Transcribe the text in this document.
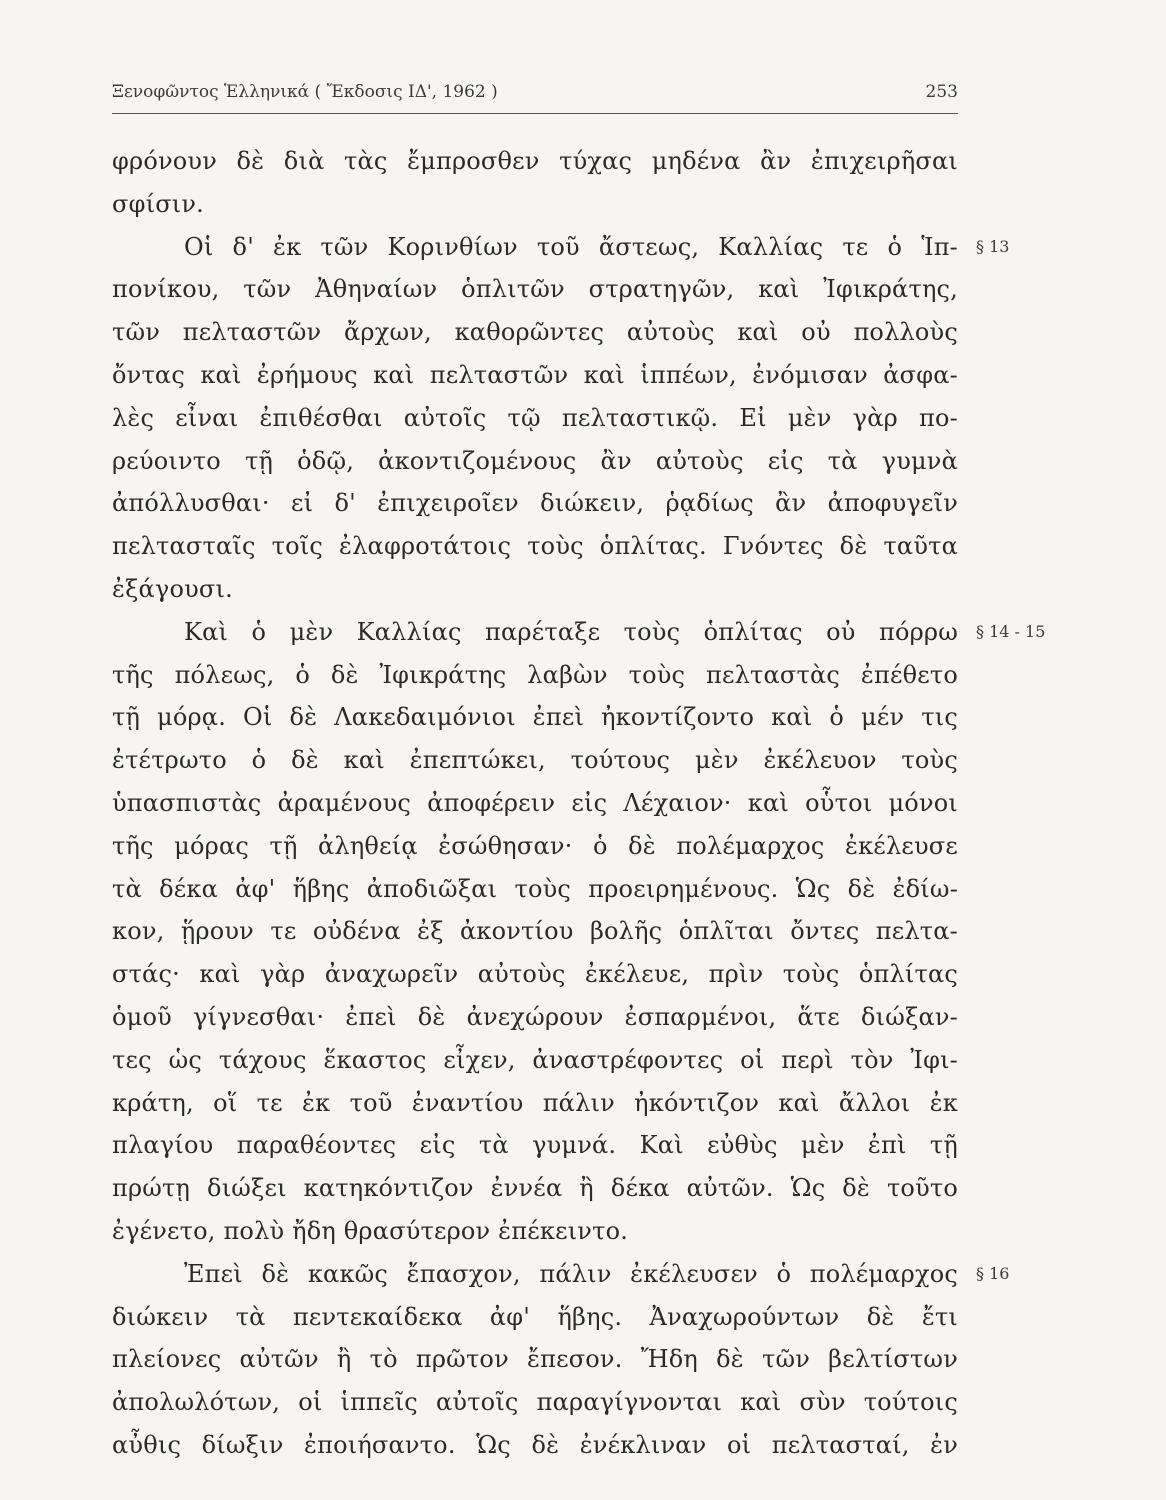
Ξενοφῶντος Ἑλληνικά ( Ἔκδοσις ΙΔ', 1962 )	253
φρόνουν δὲ διὰ τὰς ἔμπροσθεν τύχας μηδένα ἂν ἐπιχειρῆσαι
σφίσιν.
Οἱ δ' ἐκ τῶν Κορινθίων τοῦ ἄστεως, Καλλίας τε ὁ Ἱπ-
πονίκου, τῶν Ἀθηναίων ὁπλιτῶν στρατηγῶν, καὶ Ἰφικράτης,
τῶν πελταστῶν ἄρχων, καθορῶντες αὐτοὺς καὶ οὐ πολλοὺς
ὄντας καὶ ἐρήμους καὶ πελταστῶν καὶ ἱππέων, ἐνόμισαν ἀσφα-
λὲς εἶναι ἐπιθέσθαι αὐτοῖς τῷ πελταστικῷ. Εἰ μὲν γὰρ πο-
ρεύοιντο τῇ ὁδῷ, ἀκοντιζομένους ἂν αὐτοὺς εἰς τὰ γυμνὰ
ἀπόλλυσθαι· εἰ δ' ἐπιχειροῖεν διώκειν, ῥᾳδίως ἂν ἀποφυγεῖν
πελτασταῖς τοῖς ἐλαφροτάτοις τοὺς ὁπλίτας. Γνόντες δὲ ταῦτα
ἐξάγουσι.
Καὶ ὁ μὲν Καλλίας παρέταξε τοὺς ὁπλίτας οὐ πόρρω
τῆς πόλεως, ὁ δὲ Ἰφικράτης λαβὼν τοὺς πελταστὰς ἐπέθετο
τῇ μόρᾳ. Οἱ δὲ Λακεδαιμόνιοι ἐπεὶ ἠκοντίζοντο καὶ ὁ μέν τις
ἐτέτρωτο ὁ δὲ καὶ ἐπεπτώκει, τούτους μὲν ἐκέλευον τοὺς
ὑπασπιστὰς ἀραμένους ἀποφέρειν εἰς Λέχαιον· καὶ οὗτοι μόνοι
τῆς μόρας τῇ ἀληθείᾳ ἐσώθησαν· ὁ δὲ πολέμαρχος ἐκέλευσε
τὰ δέκα ἀφ' ἥβης ἀποδιῶξαι τοὺς προειρημένους. Ὡς δὲ ἐδίω-
κον, ᾕρουν τε οὐδένα ἐξ ἀκοντίου βολῆς ὁπλῖται ὄντες πελτα-
στάς· καὶ γὰρ ἀναχωρεῖν αὐτοὺς ἐκέλευε, πρὶν τοὺς ὁπλίτας
ὁμοῦ γίγνεσθαι· ἐπεὶ δὲ ἀνεχώρουν ἐσπαρμένοι, ἅτε διώξαν-
τες ὡς τάχους ἕκαστος εἶχεν, ἀναστρέφοντες οἱ περὶ τὸν Ἰφι-
κράτη, οἵ τε ἐκ τοῦ ἐναντίου πάλιν ἠκόντιζον καὶ ἄλλοι ἐκ
πλαγίου παραθέοντες εἰς τὰ γυμνά. Καὶ εὐθὺς μὲν ἐπὶ τῇ
πρώτῃ διώξει κατηκόντιζον ἐννέα ἢ δέκα αὐτῶν. Ὡς δὲ τοῦτο
ἐγένετο, πολὺ ἤδη θρασύτερον ἐπέκειντο.
Ἐπεὶ δὲ κακῶς ἔπασχον, πάλιν ἐκέλευσεν ὁ πολέμαρχος
διώκειν τὰ πεντεκαίδεκα ἀφ' ἥβης. Ἀναχωρούντων δὲ ἔτι
πλείονες αὐτῶν ἢ τὸ πρῶτον ἔπεσον. Ἤδη δὲ τῶν βελτίστων
ἀπολωλότων, οἱ ἱππεῖς αὐτοῖς παραγίγνονται καὶ σὺν τούτοις
αὖθις δίωξιν ἐποιήσαντο. Ὡς δὲ ἐνέκλιναν οἱ πελτασταί, ἐν
§ 13
§ 14 - 15
§ 16
